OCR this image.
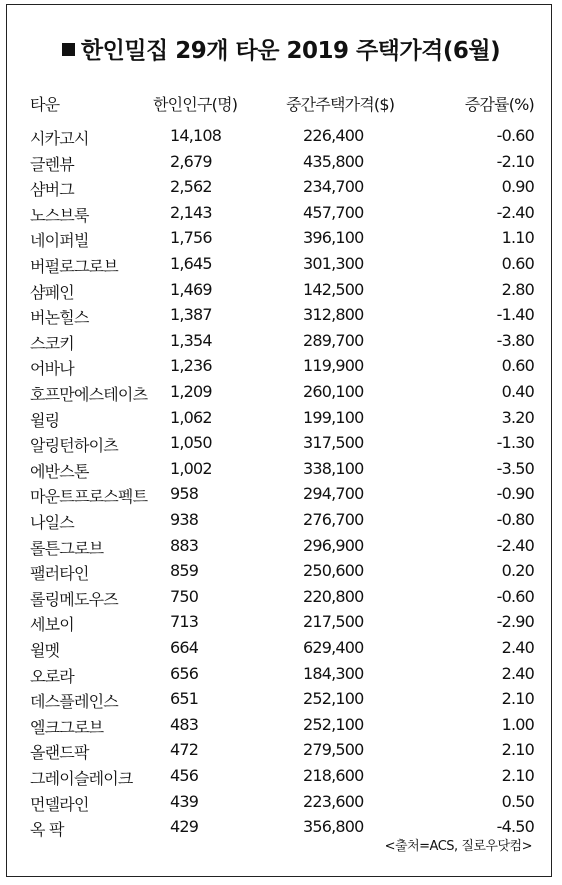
한인밀집 29개 타운 2019 주택가격(6월)
타운	한인인구(명)	중간주택가격($)	증감률(%)
시카고시	14,108	226,400	-0.60
글렌뷰	2,679	435,800	-2.10
샴버그	2,562	234,700	0.90
노스브룩	2,143	457,700	-2.40
네이퍼빌	1,756	396,100	1.10
버펄로그로브	1,645	301,300	0.60
샴페인	1,469	142,500	2.80
버논힐스	1,387	312,800	-1.40
스코키	1,354	289,700	-3.80
어바나	1,236	119,900	0.60
호프만에스테이츠 1,209	260,100	0.40
윌링	1,062	199,100	3.20
알링턴하이츠	1,050	317,500	-1.30
에반스톤	1,002	338,100	-3.50
마운트프로스펙트 958	294,700	-0.90
나일스	938	276,700	-0.80
롤튼그로브	883	296,900	-2.40
팰러타인	859	250,600	0.20
롤링메도우즈	750	220,800	-0.60
세보이	713	217,500	-2.90
윌멧	664	629,400	2.40
오로라	656	184,300	2.40
데스플레인스	651	252,100	2.10
엘크그로브	483	252,100	1.00
올랜드팍	472	279,500	2.10
그레이슬레이크 456	218,600	2.10
먼델라인	439	223,600	0.50
옥 팍	429	356,800	-4.50
<출처=ACS, 질로우닷컴>
